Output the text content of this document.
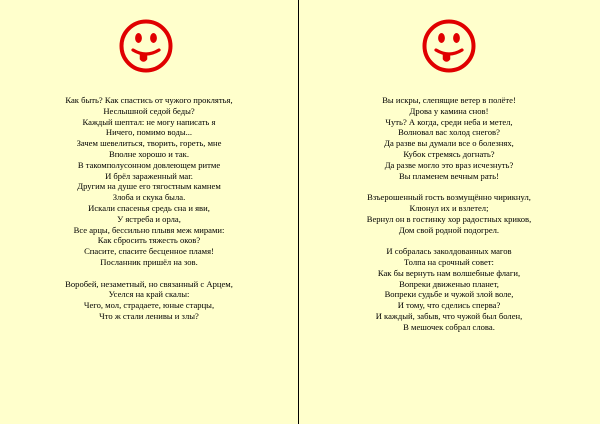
Как быть? Как спастись от чужого проклятья,
Неслышной седой беды?
Каждый шептал: не могу написать я
Ничего, помимо воды...
Зачем шевелиться, творить, гореть, мне
Вполне хорошо и так.
В такомполусонном довлеющем ритме
И брёл зараженный маг.
Другим на душе его тягостным камнем
Злоба и скука была.
Искали спасенья средь сна и яви,
У ястреба и орла,
Все арцы, бессильно плывя меж мирами:
Как сбросить тяжесть оков?
Спасите, спасите бесценное пламя!
Посланник пришёл на зов.
Воробей, незаметный, но связанный с Арцем,
Уселся на край скалы:
Чего, мол, страдаете, юные старцы,
Что ж стали ленивы и злы?
Вы искры, слепящие ветер в полёте!
Дрова у камина снов!
Чуть? А когда, среди неба и метел,
Волновал вас холод снегов?
Да разве вы думали все о болезнях,
Кубок стремясь догнать?
Да разве могло это враз исчезнуть?
Вы пламенем вечным рать!
Взъерошенный гость возмущённо чирикнул,
Клюнул их и взлетел;
Вернул он в гостинку хор радостных криков,
Дом свой родной подогрел.
И собралась заколдованных магов
Толпа на срочный совет:
Как бы вернуть нам волшебные флаги,
Вопреки движенью планет,
Вопреки судьбе и чужой злой воле,
И тому, что сделись сперва?
И каждый, забыв, что чужой был болен,
В мешочек собрал слова.
